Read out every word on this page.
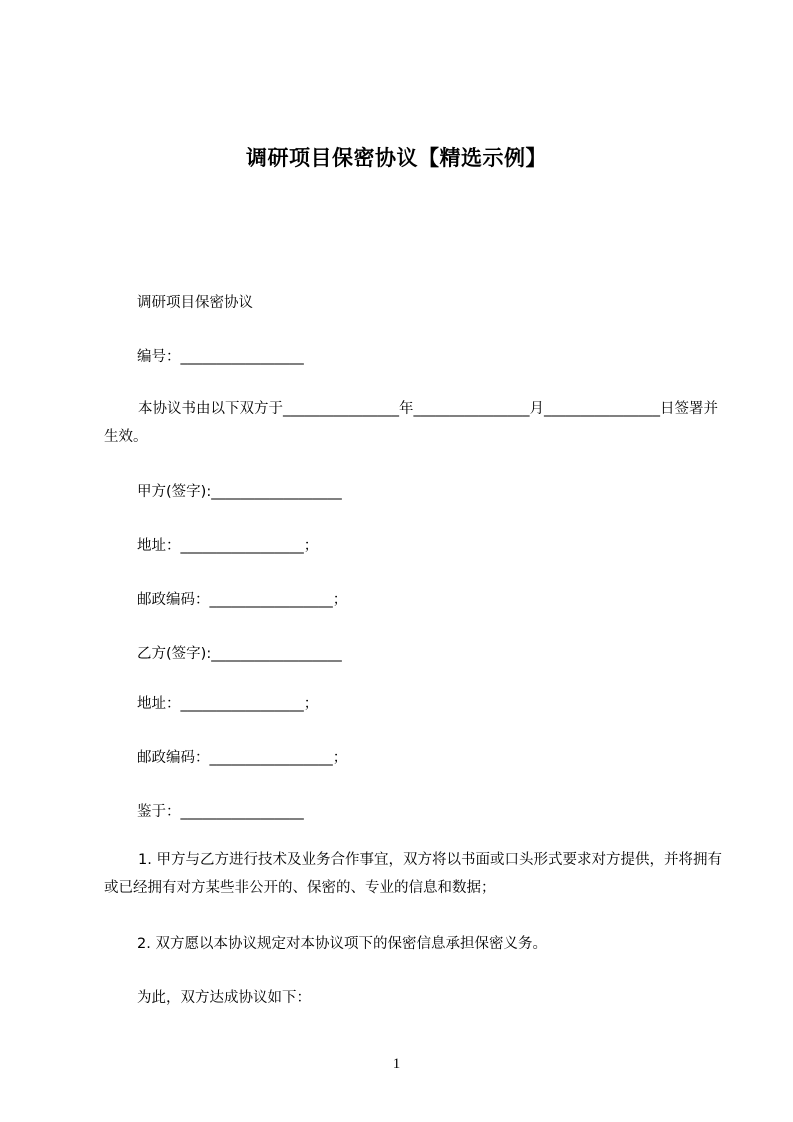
调研项目保密协议【精选示例】
调研项目保密协议
编号：_________________
本协议书由以下双方于________________年________________月________________日签署并生效。
甲方(签字):__________________
地址：_________________；
邮政编码：_________________；
乙方(签字):__________________
地址：_________________；
邮政编码：_________________；
鉴于：_________________
1. 甲方与乙方进行技术及业务合作事宜，双方将以书面或口头形式要求对方提供，并将拥有或已经拥有对方某些非公开的、保密的、专业的信息和数据；
2. 双方愿以本协议规定对本协议项下的保密信息承担保密义务。
为此，双方达成协议如下：
1
